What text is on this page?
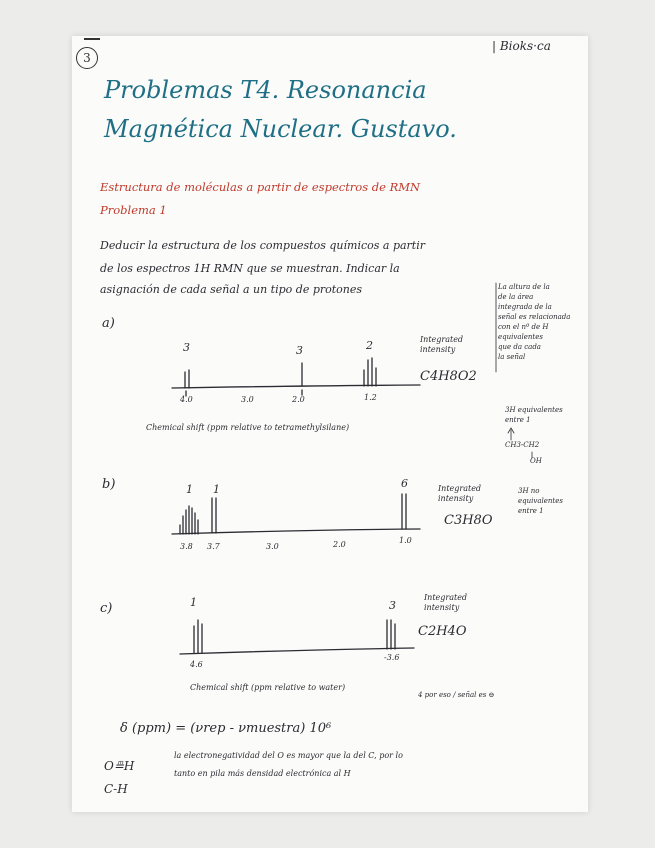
3
| Bioks·ca
Problemas T4. Resonancia
Magnética Nuclear. Gustavo.
Estructura de moléculas a partir de espectros de RMN
Problema 1
Deducir la estructura de los compuestos químicos a partir
de los espectros 1H RMN que se muestran. Indicar la
asignación de cada señal a un tipo de protones	La altura de la
de la área
integrada de la
señal es relacionada
con el nº de H
equivalentes
que da cada
la señal
a)
3	3	2	Integrated intensity
C4H8O2
4.0	3.0	2.0	1.2
Chemical shift (ppm relative to tetramethylsilane)
3H equivalentes
entre 1
CH3-CH2
OH
b)	1 1	6	Integrated intensity
C3H8O
3.8 3.7	3.0	2.0	1.0
3H no
equivalentes
entre 1
c)	1	3
Integrated intensity
C2H4O
4.6
-3.6
Chemical shift (ppm relative to water)
4 por eso / señal es ⊖
δ (ppm) = (νrep - νmuestra) 10⁶
O≞H
C-H
la electronegatividad del O es mayor que la del C, por lo
tanto en pila más densidad electrónica al H
